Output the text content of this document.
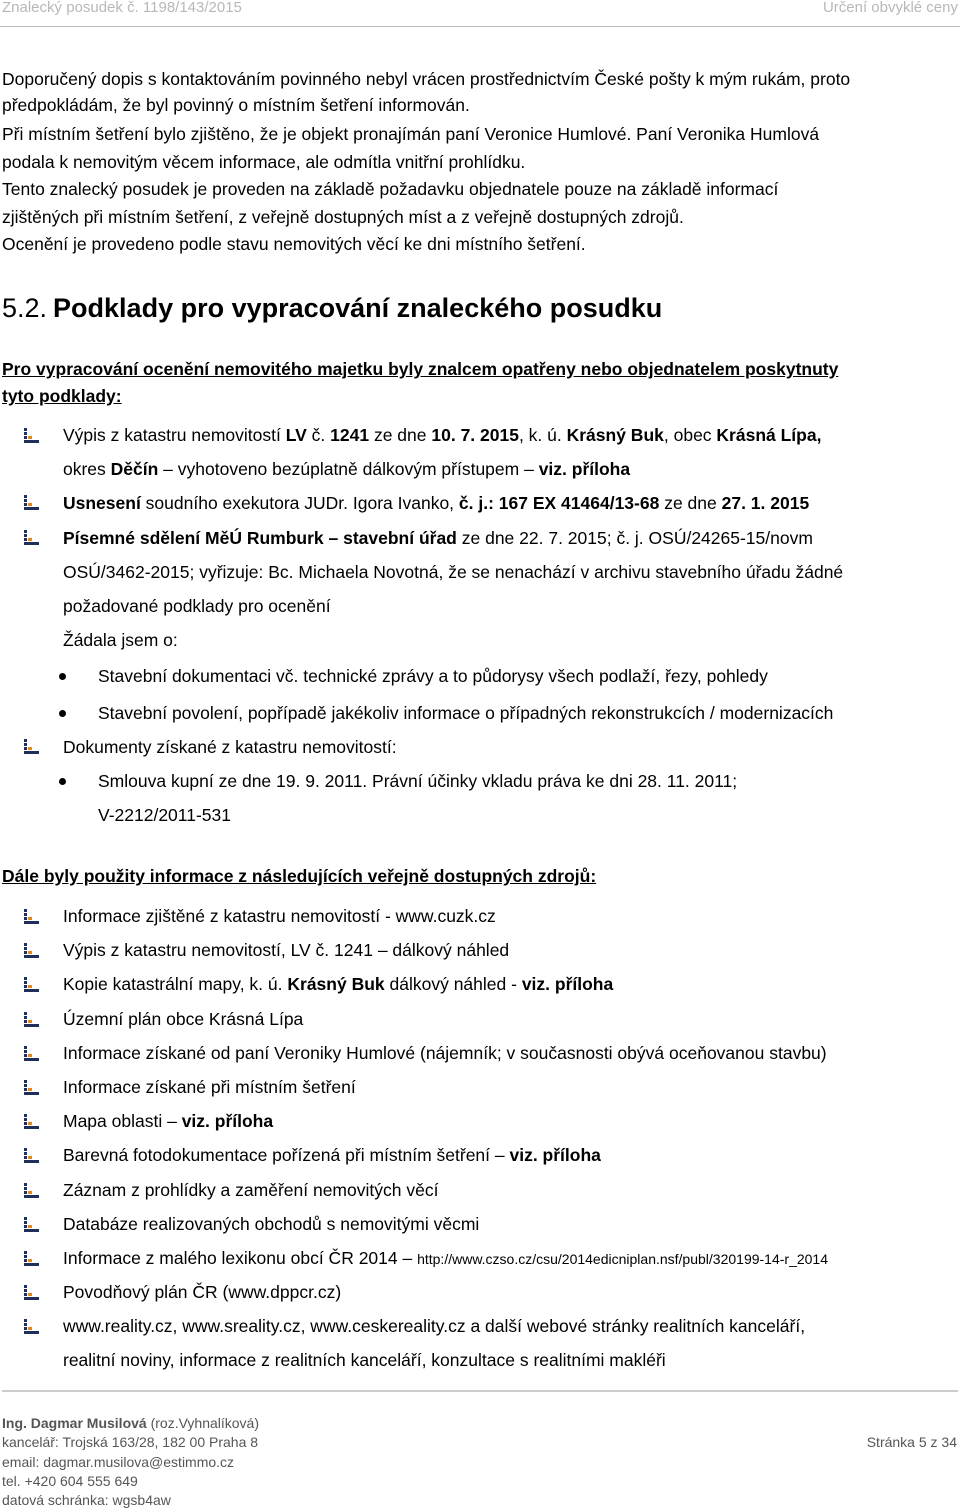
Znalecký posudek č. 1198/143/2015	Určení obvyklé ceny
Doporučený dopis s kontaktováním povinného nebyl vrácen prostřednictvím České pošty k mým rukám, proto
předpokládám, že byl povinný o místním šetření informován.
Při místním šetření bylo zjištěno, že je objekt pronajímán paní Veronice Humlové. Paní Veronika Humlová
podala k nemovitým věcem informace, ale odmítla vnitřní prohlídku.
Tento znalecký posudek je proveden na základě požadavku objednatele pouze na základě informací
zjištěných při místním šetření, z veřejně dostupných míst a z veřejně dostupných zdrojů.
Ocenění je provedeno podle stavu nemovitých věcí ke dni místního šetření.
5.2. Podklady pro vypracování znaleckého posudku
Pro vypracování ocenění nemovitého majetku byly znalcem opatřeny nebo objednatelem poskytnuty
tyto podklady:
Výpis z katastru nemovitostí LV č. 1241 ze dne 10. 7. 2015, k. ú. Krásný Buk, obec Krásná Lípa,
okres Děčín – vyhotoveno bezúplatně dálkovým přístupem – viz. příloha
Usnesení soudního exekutora JUDr. Igora Ivanko, č. j.: 167 EX 41464/13-68 ze dne 27. 1. 2015
Písemné sdělení MěÚ Rumburk – stavební úřad ze dne 22. 7. 2015; č. j. OSÚ/24265-15/novm
OSÚ/3462-2015; vyřizuje: Bc. Michaela Novotná, že se nenachází v archivu stavebního úřadu žádné
požadované podklady pro ocenění
Žádala jsem o:
Stavební dokumentaci vč. technické zprávy a to půdorysy všech podlaží, řezy, pohledy
Stavební povolení, popřípadě jakékoliv informace o případných rekonstrukcích / modernizacích
Dokumenty získané z katastru nemovitostí:
Smlouva kupní ze dne 19. 9. 2011. Právní účinky vkladu práva ke dni 28. 11. 2011;
V-2212/2011-531
Dále byly použity informace z následujících veřejně dostupných zdrojů:
Informace zjištěné z katastru nemovitostí - www.cuzk.cz
Výpis z katastru nemovitostí, LV č. 1241 – dálkový náhled
Kopie katastrální mapy, k. ú. Krásný Buk dálkový náhled - viz. příloha
Územní plán obce Krásná Lípa
Informace získané od paní Veroniky Humlové (nájemník; v současnosti obývá oceňovanou stavbu)
Informace získané při místním šetření
Mapa oblasti – viz. příloha
Barevná fotodokumentace pořízená při místním šetření – viz. příloha
Záznam z prohlídky a zaměření nemovitých věcí
Databáze realizovaných obchodů s nemovitými věcmi
Informace z malého lexikonu obcí ČR 2014 – http://www.czso.cz/csu/2014edicniplan.nsf/publ/320199-14-r_2014
Povodňový plán ČR (www.dppcr.cz)
www.reality.cz, www.sreality.cz, www.ceskereality.cz a další webové stránky realitních kanceláří,
realitní noviny, informace z realitních kanceláří, konzultace s realitními makléři
Ing. Dagmar Musilová (roz.Vyhnalíková)
kancelář: Trojská 163/28, 182 00 Praha 8
email: dagmar.musilova@estimmo.cz
tel. +420 604 555 649
datová schránka: wgsb4aw
Stránka 5 z 34
